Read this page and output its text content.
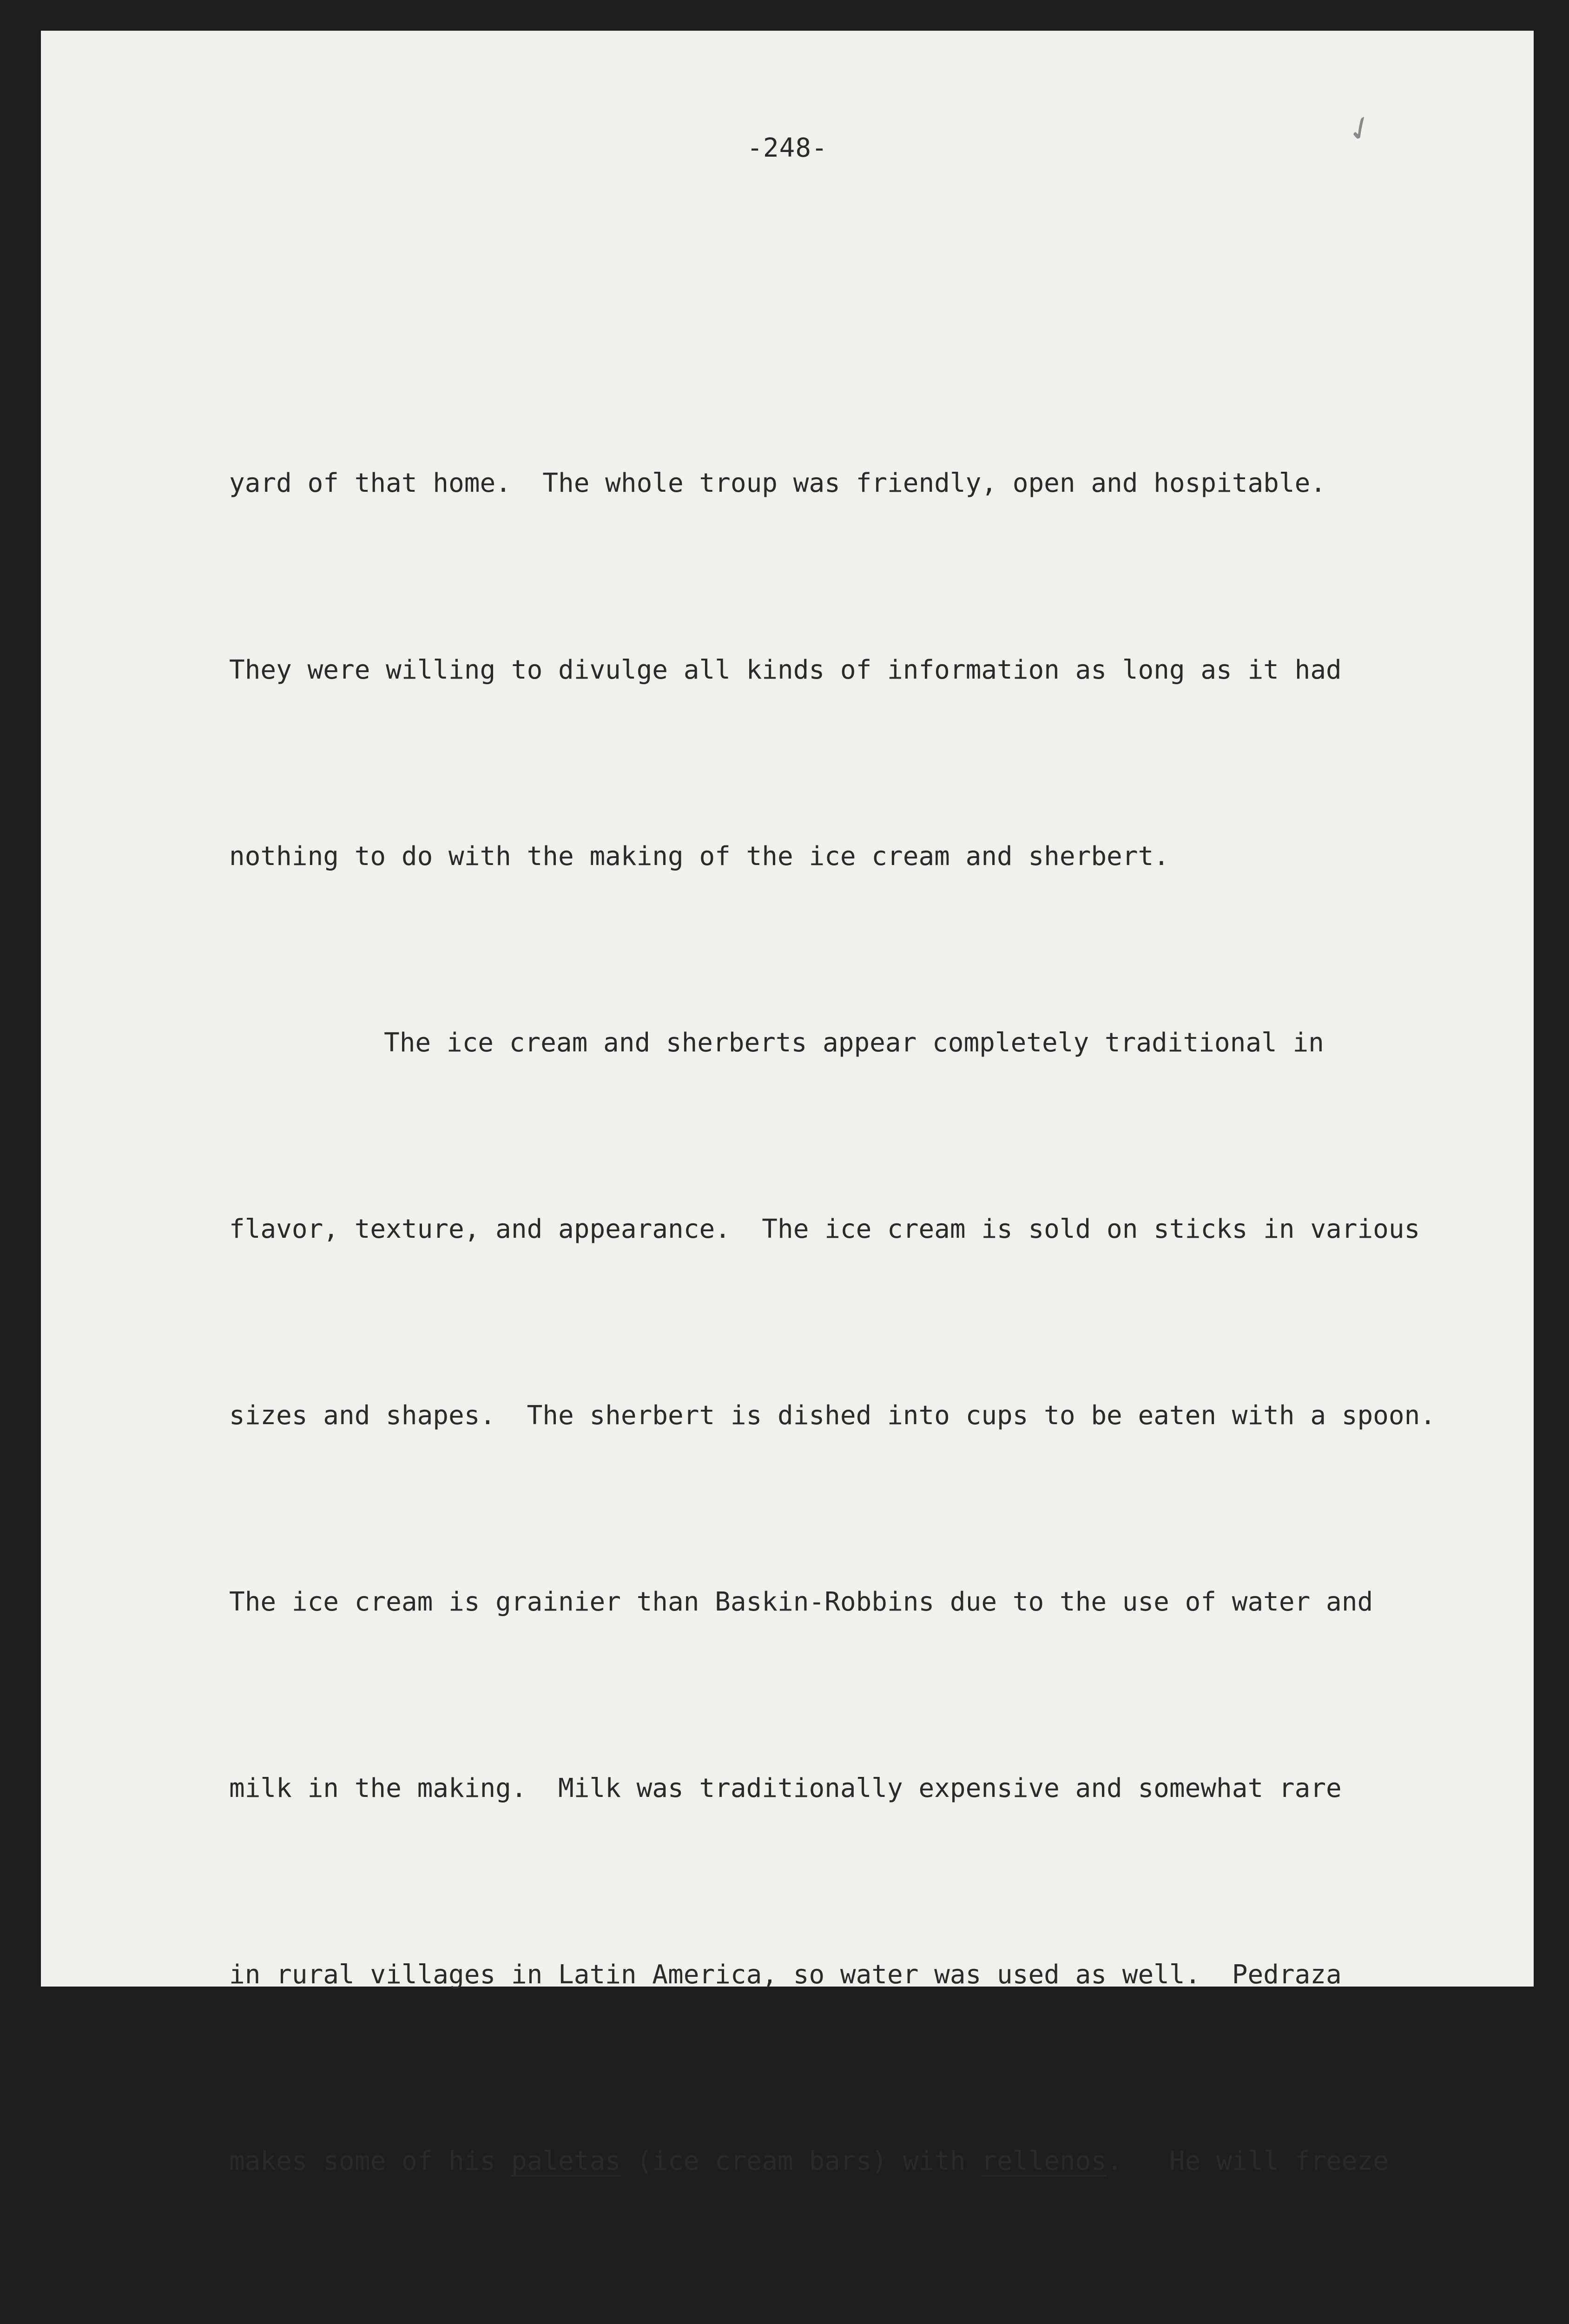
✓
-248-

yard of that home.  The whole troup was friendly, open and hospitable.

They were willing to divulge all kinds of information as long as it had

nothing to do with the making of the ice cream and sherbert.

The ice cream and sherberts appear completely traditional in

flavor, texture, and appearance.  The ice cream is sold on sticks in various

sizes and shapes.  The sherbert is dished into cups to be eaten with a spoon.

The ice cream is grainier than Baskin-Robbins due to the use of water and

milk in the making.  Milk was traditionally expensive and somewhat rare

in rural villages in Latin America, so water was used as well.  Pedraza

makes some of his paletas (ice cream bars) with rellenos.   He will freeze
